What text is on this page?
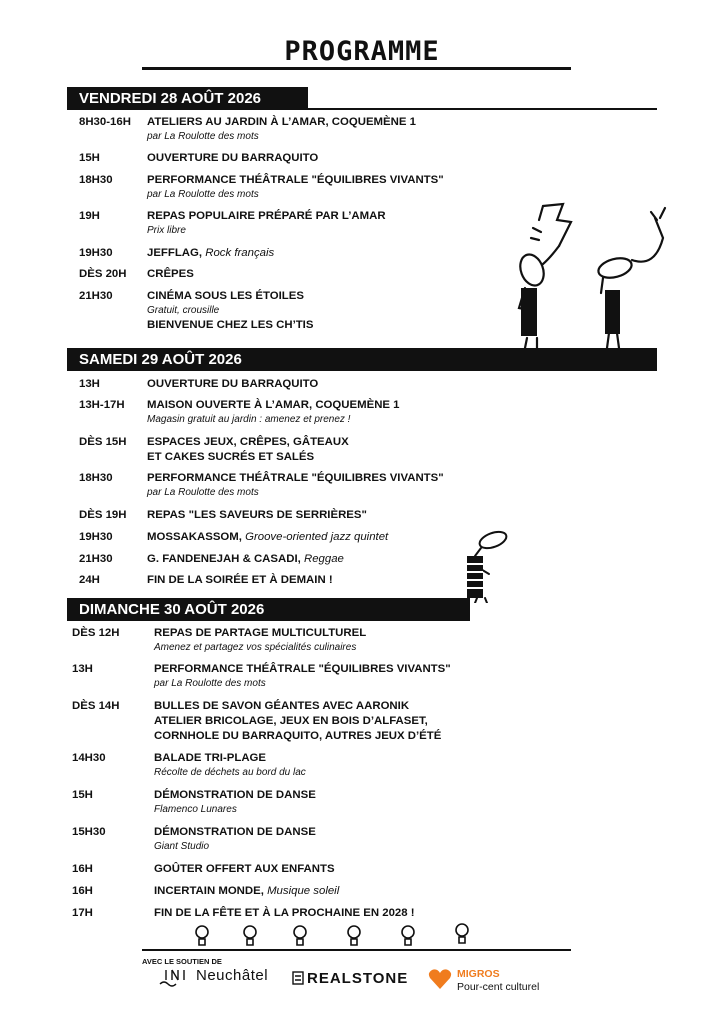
PROGRAMME
VENDREDI 28 AOÛT 2026
8H30-16H ATELIERS AU JARDIN À L’AMAR, COQUEMÈNE 1
par La Roulotte des mots
15H	OUVERTURE DU BARRAQUITO
18H30	PERFORMANCE THÉÂTRALE "ÉQUILIBRES VIVANTS"
par La Roulotte des mots
19H	REPAS POPULAIRE PRÉPARÉ PAR L’AMAR
Prix libre
19H30	JEFFLAG, Rock français
DÈS 20H CRÊPES
21H30	CINÉMA SOUS LES ÉTOILES
Gratuit, crousille
BIENVENUE CHEZ LES CH’TIS
SAMEDI 29 AOÛT 2026
13H	OUVERTURE DU BARRAQUITO
13H-17H MAISON OUVERTE À L’AMAR, COQUEMÈNE 1
Magasin gratuit au jardin : amenez et prenez !
DÈS 15H ESPACES JEUX, CRÊPES, GÂTEAUX
ET CAKES SUCRÉS ET SALÉS
18H30	PERFORMANCE THÉÂTRALE "ÉQUILIBRES VIVANTS"
par La Roulotte des mots
DÈS 19H REPAS "LES SAVEURS DE SERRIÈRES"
19H30	MOSSAKASSOM, Groove-oriented jazz quintet
21H30	G. FANDENEJAH & CASADI, Reggae
24H	FIN DE LA SOIRÉE ET À DEMAIN !
DIMANCHE 30 AOÛT 2026
DÈS 12H	REPAS DE PARTAGE MULTICULTUREL
Amenez et partagez vos spécialités culinaires
13H	PERFORMANCE THÉÂTRALE "ÉQUILIBRES VIVANTS"
par La Roulotte des mots
DÈS 14H	BULLES DE SAVON GÉANTES AVEC AARONIK
ATELIER BRICOLAGE, JEUX EN BOIS D’ALFASET,
CORNHOLE DU BARRAQUITO, AUTRES JEUX D’ÉTÉ
14H30	BALADE TRI-PLAGE
Récolte de déchets au bord du lac
15H	DÉMONSTRATION DE DANSE
Flamenco Lunares
15H30	DÉMONSTRATION DE DANSE
Giant Studio
16H	GOÛTER OFFERT AUX ENFANTS
16H	INCERTAIN MONDE, Musique soleil
17H	FIN DE LA FÊTE ET À LA PROCHAINE EN 2028 !
AVEC LE SOUTIEN DE
Neuchâtel	REALSTONE	MIGROS
Pour-cent culturel
